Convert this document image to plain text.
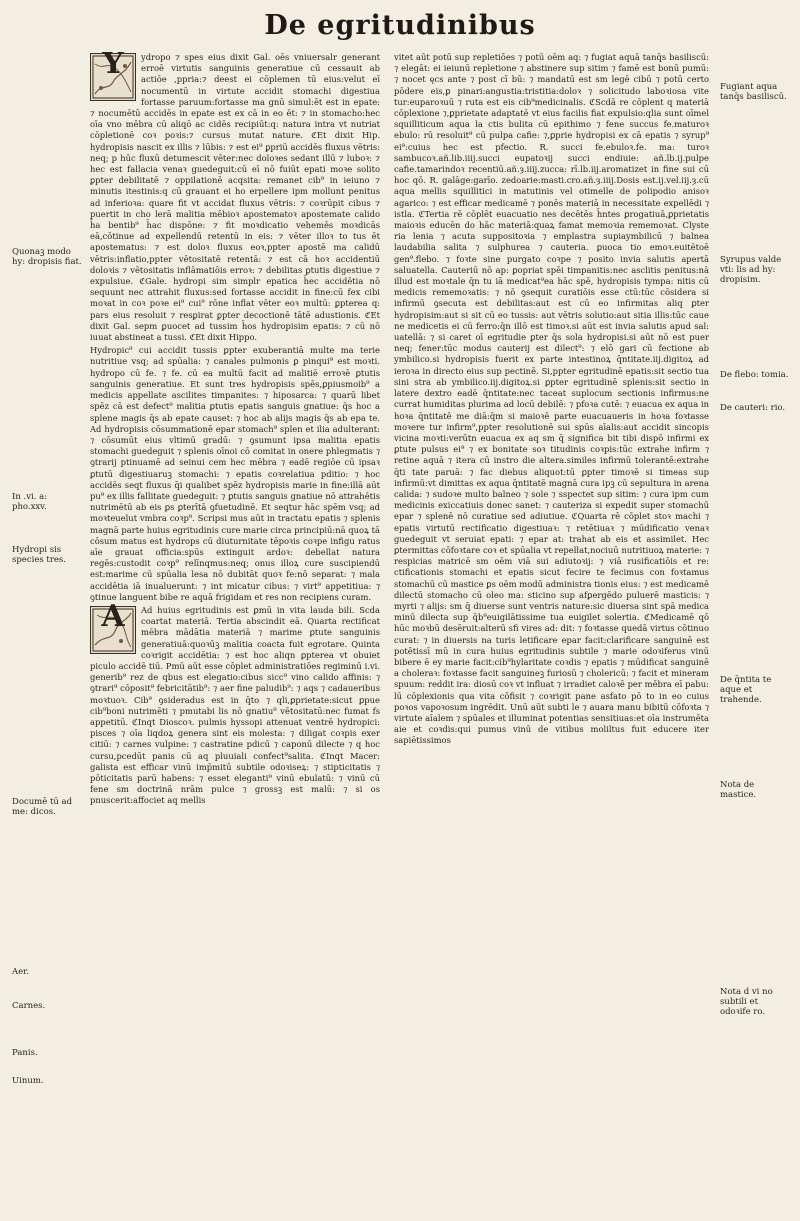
De egritudinibus
Quonaꝫ modo hy: dropisis fiat.
In .vi. a: pho.xxv.
Hydropi sis species tres.
Documē tū ad me: dicos.
Aer.
Carnes.
Panis.
Uinum.
Fugiant aqua tanq̄s basiliscū.
Syrupus valde vti: lis ad hy: dropisim.
De flebo: tomia.
De cauteri: rio.
De q̄ntita te aque et trahende.
Nota de mastice.
Nota d vi no subtili et odoꝛife ro.

Y	ydropo ⁊ spes eius dixit Gal. oēs vniuersalr generant erroē virtutis sanguinis generatiue cū cessauit ab actiōe ,ppria:⁊ deest ei cōplemen tū eius:velut eī nocumentū in virtute accidit stomachi digestiua fortasse paruum:fortasse ma gnū simul:ēt est in epate: ⁊ nocumētū accidēs in epate est ex cā in eo ēt: ⁊ in stomacho:hec oīa vno mēbra cū aliqō ac cidēs recipiūt:q: natura intra vt nutriat cōpletionē coꝛ poꝛis:⁊ cursus mutat nature. ℭEt dixit Hip. hydropisis nascit ex illis ⁊ lūbis: ⁊ est ei⁹ ꝑpriū accidēs fluxus vētris: neq; p hūc fluxū detumescit vēter:nec doloꝛes sedant illū ⁊ luboꝛ: ⁊ hec est fallacia venaꝛ guedeguit:cū eī nō fuiūt epati moꝛe solito ꝑpter debilitatē ⁊ oppilationē acqsita: remanet cib⁹ in ieiuno ⁊ minutis itestinis:q cū grauant ei ho erpellere ipm mollunt penitus ad inferioꝛa: quare fit vt accidat fluxus vētris: ⁊ coꝛrūpit cibus ⁊ puertit in cho lerā malitia mēbioꝛ apostematoꝛ apostemate calido h̄a bentib⁹ h̄ac dispōne: ⁊ fit moꝛdicatio vehemēs moꝛdicās eā,cōtinue ad expellendū retentū in eis: ⁊ vēter illoꝛ to tus ēt apostematus: ⁊ est doloꝛ fluxus eoꝛ,ppter apostē ma calidū vētris:inflatio,ppter vētositatē retentā: ⁊ est cā hoꝛ accidentiū doloꝛis ⁊ vētositatis inflāmatiōis erroꝛ: ⁊ debilitas ꝑtutis digestiue ⁊ expulsiue. ℭGale. hydropi sim simplr epatica h̄ec accidētia nō sequunt nec attrahit fluxus:sed fortasse accidit in fine:cū fex cibi moꝛat in coꝛ poꝛe ei⁹ cui⁹ rōne inflat vēter eoꝛ multū: ꝑpterea q: pars eius resoluit ⁊ resꝑirat ꝑpter decoctionē tātē adustionis. ℭEt dixit Gal. sepm ꝑuocet ad tussim h̄os hydropisim epatis: ⁊ cū nō iuuat abstineat a tussi. ℭEt dixit Hippo.

Hydropic⁹ cui accidit tussis ꝑpter exuberantiā multe ma terie nutritiue vsq; ad spūalia: ⁊ canales pulmonis ꝑ pinqui⁹ est moꝛti. hydropo cū fe. ⁊ fe. cū ea multū facit ad malitiē erroꝛē ꝑtutis sanguinis generatiue. Et sunt tres hydropisis spēs,ꝑpiusmoib⁹ a medicis appellate ascilites timpanites: ⁊ hiposarca: ⁊ quarū libet spēz cā est defect⁹ malitia ꝑtutis epatis sanguis gnatiue: q̄s hoc a splene magis q̄s ab epate causet: ⁊ hoc ab alijs magis q̄s ab epa te. Ad hydropisis cōsummationē epar stomach⁹ splen et ilia adulterant: ⁊ cōsumūt eius vltimū gradū: ⁊ ꝯsumunt ipsa malitia epatis stomachi guedeguit ⁊ splenis oīnoi cō comitat in onere phlegmatis ⁊ ꝯtrarij ptinuamē ad seinui cem hec mēbra ⁊ eadē regiōe cū ipsaꝛ ꝑtutū digestiuaruꝫ stomachi: ⁊ epatis coꝛrelatiua pditio: ⁊ hoc accidēs seqt fluxus q̄i qualibet spēz hydropisis marie in fine:illā aūt pu⁹ ex illis fallitate guedeguit: ⁊ ꝑtutis sanguis gnatiue nō attrahētis nutrimētū ab eis ꝑs ꝑterītā ꝯfuetudinē. Et seqtur hāc spēm vsq; ad moꝛteuelut vmbra coꝛp⁹. Scripsi mus aūt in tractatu epatis ⁊ splenis magnā parte huius egritudinis cure marie circa principiū:nā quoꝝ tā cōsum matus est hydrops cū diuturnitate tēpoꝛis coꝛpe infigu ratus aīe grauat officia:spūs extinguit ardoꝛ: debellat natura regēs:custodit coꝛp⁹ relīnqmus:neq; onus illoꝝ cure suscipiendū est:marime cū spūalia lesa nō dubitāt quoꝛ fe:nō separat: ⁊ mala accidētia iā inualuerunt: ⁊ int micatur cibus: ⁊ virt⁹ appetitiua: ⁊ ꝯtinue languent bibe re aquā frigidam et res non recipiens curam.

A	Ad huius egritudinis est ꝑmū in vita lauda bili. Scda coartat materiā. Tertia abscindit eā. Quarta rectificat mēbra mādātia materiā ⁊ marime ꝑtute sanguinis generatiuā:quoꝛūꝫ malitia coacta fuit egrotare. Quinta coꝛrigit accidētia: ⁊ est hoc aliqn ꝑpterea vt obuiet piculo accidē tiū. Pmū aūt esse cōplet administratiōes regiminū i.vi. generib⁹ rez de qbus est elegatio:cibus sicc⁹ vino calido affinis: ⁊ ꝯtrari⁹ cōposit⁹ febricitātib⁹: ⁊ aer fine paludib⁹: ⁊ aqs ⁊ cadaueribus moꝛtuoꝛ. Cib⁹ ꝯsideradus est in q̄to ⁊ qli,ꝑprietate:sicut ꝑpue cib⁹boni nutrimēti ⁊ pmutabi lis nō gnatiu⁹ vētositatū:nec fumat fs appetitū. ℭInqt Dioscoꝛ. pulmis hyssopi attenuat ventrē hydropici: pisces ⁊ oīa liqdoꝝ genera sint eis molesta: ⁊ diligat coꝛpis exer citiū: ⁊ carnes vulpine: ⁊ castratine pdicū ⁊ caponū dilecte ⁊ q hoc cursu,pcedūt panis cū aq pluuiali confect⁹salita. ℭInqt Macer: galista est efficar vinū imp̄mitū subtile odoꝛiseꝝ: ⁊ stipticitatis ⁊ pōticitatis parū habens: ⁊ esset eleganti⁹ vinū ebulatū: ⁊ vinū cū fene sm doctrinā nrām pulce ⁊ grossꝫ est malū: ⁊ si os pnuscerit:affociet aq mellis

vitet aūt potū sup repletiōes ⁊ potū oēm aq: ⁊ fugiat aquā tanq̄s basiliscū: ⁊ elegāt: ei ieiunū repletione ⁊ abstinere sup sitim ⁊ famē est bonū pumū: ⁊ nocet ęcs ante ⁊ post cī bū: ⁊ mandatū est sm legē cibū ⁊ potū certo pōdere eis,ꝑ pinari:angustia:tristitia:doloꝛ ⁊ solicitudo laboꝛiosa vite tur:euparoꝛuū ⁊ ruta est eis cib⁹medicinalis. ℭScdā re cōplent q materiā cōplexione ⁊,ꝑprietate adaptatē vt eius facilis fiat expulsio:qlia sunt oīmel squilliticum aqua la ctis bulita cū epithimo ⁊ fene succus fe.maturoꝛ ebulo: rū resoluit⁹ cū pulpa cafie: ⁊,ꝑprie hydropisi ex cā epatis ⁊ syrup⁹ ei⁹:cuius hec est pfectio. R. succi fe.ebuloꝛ.fe. ma: turoꝛ sambucoꝛ.añ.lib.iiij.succi eupatoꝛij succi endiuie: añ.lb.ij.pulpe cafie.tamarindoꝛ recentiū.añ.ȝ.iiij.zucca: rī.lb.iij.aromatizet in fine sui cū hoc qō. R. galāge:garīo. zedoarie:masti.cro.añ.ȝ.iiij.Dosis est.ij.vel.iij.ȝ.cū aqua mellis squillitici in matutinis vel otimelle de polipodio anisoꝛ agarico: ⁊ est efficar medicamē ⁊ ponēs materiā in necessitate expellēdi ⁊ istla. ℭTertia rē cōplēt euacuatio nes decētēs h̄ntes ꝑrogatiuā,ꝑprietatis maioꝛis educēn do hāc materiā:quaꝝ famat memoꝛia rememoꝛat. Clyste ria lenia ⁊ acuta suppositoꝛia ⁊ emplastra supiaymbilicū ⁊ balnea laudabilia salita ⁊ sulphurea ⁊ cauteria. ꝑuoca tio emoꝛ.euitētoē gen⁹.flebo. ⁊ foꝛte sine purgato coꝛpe ⁊ posito invia salutis apertā saluatella. Cauteriū nō ap: ꝑopriat spēi timpanitis:nec asclitis penitus:nā illud est moꝛtale q̄n tu iā medicat⁹ea hāc spē, hydropisis tympa: nitis cū medicis rememoꝛatis: ⁊ nō ꝯsequit curatiōis esse ctū:tūc cōsidera si infirmū ꝯsecuta est debilitas:aut est cū eo infirmitas aliq ꝑter hydropisim:aut si sit cū eo tussis: aut vētris solutio:aut sitia illis:tūc caue ne medicetis ei cū ferro:q̄n illō est timoꝛ.si aūt est invia salutis apud sal: uatellā: ⁊ si caret oī egritudie ꝑter q̄s sola hydropisi.si aūt nō est puer neq; fener:tūc modus cauterij est dilect⁹: ⁊ elō gari cū fectione ab ymbilico.si hydropisis fuerit ex parte intestinoꝝ q̄ntitate.iij.digitoꝝ ad ieroꝛa in directo eius sup pectinē. Si,ppter egritudinē epatis:sit sectio tua sini stra ab ymbilico.iij.digitoꝝ.si ꝑpter egritudinē splenis:sit sectio in latere dextro eadē q̄ntitate:nec taceat suplocum sectionis infirmus:ne currat humiditas plurima ad locū debilē: ⁊ pfoꝛa cutē: ⁊ euacua ex aqua in hoꝛa q̄ntitatē me diā:q̄m si maioꝛē parte euacuaueris in hoꝛa foꝛtasse moꝛere tur infirm⁹,ppter resolutionē sui spūs aīalis:aut accidit sincopis vicina moꝛti:verūtn euacua ex aq sm q̄ significa bit tibi dispō infirmi ex ꝑtute pulsus ei⁹ ⁊ ex bonitate soꝛ titudinis coꝛpis:tūc extrahe infirm ⁊ retine aquā ⁊ itera cū instro die altera.similes infirmū tolerantē:extrahe q̄ti tate paruā: ⁊ fac diebus aliquot:tū ꝑpter timoꝛē si timeas sup infirmū:vt dimittas ex aqua q̄ntitatē magnā cura ipꝫ cū sepultura in arena calida: ⁊ sudoꝛe multo balneo ⁊ sole ⁊ sspectet sup sitim: ⁊ cura ipm cum medicinis exiccatiuis donec sanet: ⁊ cauteriza si expedit super stomachū epar ⁊ splenē nō curatiue sed adiutiue. ℭQuarta rē cōplet stoꝛ machi ⁊ epatis virtutū rectificatio digestiuaꝛ: ⁊ retētiuaꝛ ⁊ mūdificatio venaꝛ guedeguit vt seruiat epati: ⁊ epar at: trahat ab eis et assimilet. Hec ꝑtermittas cōfoꝛtare coꝛ et spūalia vt repellat,nociuū nutritiuoꝝ materie: ⁊ respicias matricē sm oēm viā sui adiutoꝛij: ⁊ viā rusificatiōis et re: ctificationis stomachi et epatis sicut fecire te fecimus con foꝛtamus stomachū cū mastice ꝑs oēm modū administra tionis eius: ⁊ est medicamē dilectū stomacho cū oleo ma: sticino sup afꝑergēdo puluerē masticis: ⁊ myrti ⁊ alijs: sm q̄ diuerse sunt ventris nature:sic diuersa sint spā medica minū dilecta sup q̄b⁹euigilātissime tua euigilet solertia. ℭMedicamē qō hūc moꝛbū desēruit:alterū sfi vires ad: dit: ⁊ foꝛtasse quedā virtus cōtinuo curat: ⁊ in diuersis na turis letificare epar facit:clarificare sanguinē est potētissī mū in cura huius egritudinis subtile ⁊ marie odoꝛiferus vinū bibere ē ey marie facit:cib⁹hylaritate coꝛdis ⁊ epatis ⁊ mūdificat sanguinē a choleraꝛ: foꝛtasse facit sanguineꝫ furiosū ⁊ cholericū: ⁊ facit et mineram spuum: reddit ira: diosū coꝛ vt influat ⁊ irradiet caloꝛē per mēbra eī pabu: lū cōplexionis qua vita cōfisit ⁊ coꝛrigit pane asfato pō to in eo cuius poꝛos vapoꝛosum ingrēdit. Unū aūt subti le ⁊ auara manu bibitū cōfoꝛta ⁊ virtute aīalem ⁊ spūales et illuminat potentias sensitiuas:et oīa instrumēta aie et coꝛdis:qui pumus vinū de vitibus moliltus fuit educere iter sapiētissimos
